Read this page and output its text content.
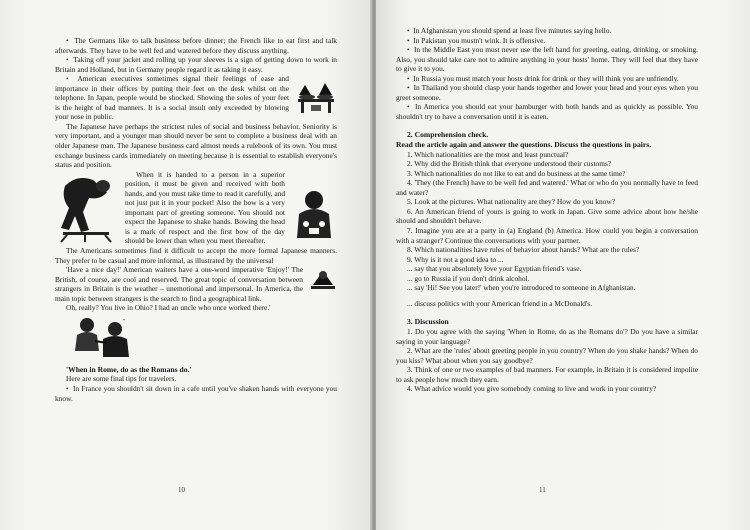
•  The Germans like to talk business before dinner; the French like to eat first and talk afterwards. They have to be well fed and watered before they discuss anything.

•  Taking off your jacket and rolling up your sleeves is a sign of getting down to work in Britain and Holland, but in Germany people regard it as taking it easy.

•  American executives sometimes signal their feelings of ease and importance in their offices by putting their feet on the desk whilst on the telephone. In Japan, people would be shocked. Showing the soles of your feet is the height of bad manners. It is a social insult only exceeded by blowing your nose in public.

The Japanese have perhaps the strictest rules of social and business behavior. Seniority is very important, and a younger man should never be sent to complete a business deal with an older Japanese man. The Japanese business card almost needs a rulebook of its own. You must exchange business cards immediately on meeting because it is essential to establish everyone's status and position.

When it is handed to a person in a superior position, it must be given and received with both hands, and you must take time to read it carefully, and not just put it in your pocket! Also the bow is a very important part of greeting someone. You should not expect the Japanese to shake hands. Bowing the head is a mark of respect and the first bow of the day should be lower than when you meet thereafter.

The Americans sometimes find it difficult to accept the more formal Japanese manners. They prefer to be casual and more informal, as illustrated by the universal

'Have a nice day!' American waiters have a one-word imperative 'Enjoy!' The British, of course, are cool and reserved. The great topic of conversation between strangers in Britain is the weather – unemotional and impersonal. In America, the main topic between strangers is the search to find a geographical link.

Oh, really? You live in Ohio? I had an uncle who once worked there.'

"
'When in Rome, do as the Romans do.'

Here are some final tips for travelers.

•  In France you shouldn't sit down in a cafe until you've shaken hands with everyone you know.

10

•  In Afghanistan you should spend at least five minutes saying hello.

•  In Pakistan you mustn't wink. It is offensive.

•  In the Middle East you must never use the left hand for greeting, eating, drinking, or smoking. Also, you should take care not to admire anything in your hosts' home. They will feel that they have to give it to you.

•  In Russia you must match your hosts drink for drink or they will think you are unfriendly.

•  In Thailand you should clasp your hands together and lower your head and your eyes when you greet someone.

•  In America you should eat your hamburger with both hands and as quickly as possible. You shouldn't try to have a conversation until it is eaten.

2. Comprehension check.
Read the article again and answer the questions. Discuss the questions in pairs.

1. Which nationalities are the most and least punctual?

2. Why did the British think that everyone understood their customs?

3. Which nationalities do not like to eat and do business at the same time?

4. 'They (the French) have to be well fed and watered.' What or who do you normally have to feed and water?

5. Look at the pictures. What nationality are they? How do you know?

6. An American friend of yours is going to work in Japan. Give some advice about how he/she should and shouldn't behave.

7. Imagine you are at a party in (a) England (b) America. How could you begin a conversation with a stranger? Continue the conversations with your partner.

8. Which nationalities have rules of behavior about hands? What are the rules?

9. Why is it not a good idea to ...

... say that you absolutely love your Egyptian friend's vase.

... go to Russia if you don't drink alcohol.

... say 'Hi! See you later!' when you're introduced to someone in Afghanistan.

... discuss politics with your American friend in a McDonald's.

3. Discussion

1. Do you agree with the saying 'When in Rome, do as the Romans do'? Do you have a similar saying in your language?

2. What are the 'rules' about greeting people in you country? When do you shake hands? When do you kiss? What about when you say goodbye?

3. Think of one or two examples of bad manners. For example, in Britain it is considered impolite to ask people how much they earn.

4. What advice would you give somebody coming to live and work in your country?

11
